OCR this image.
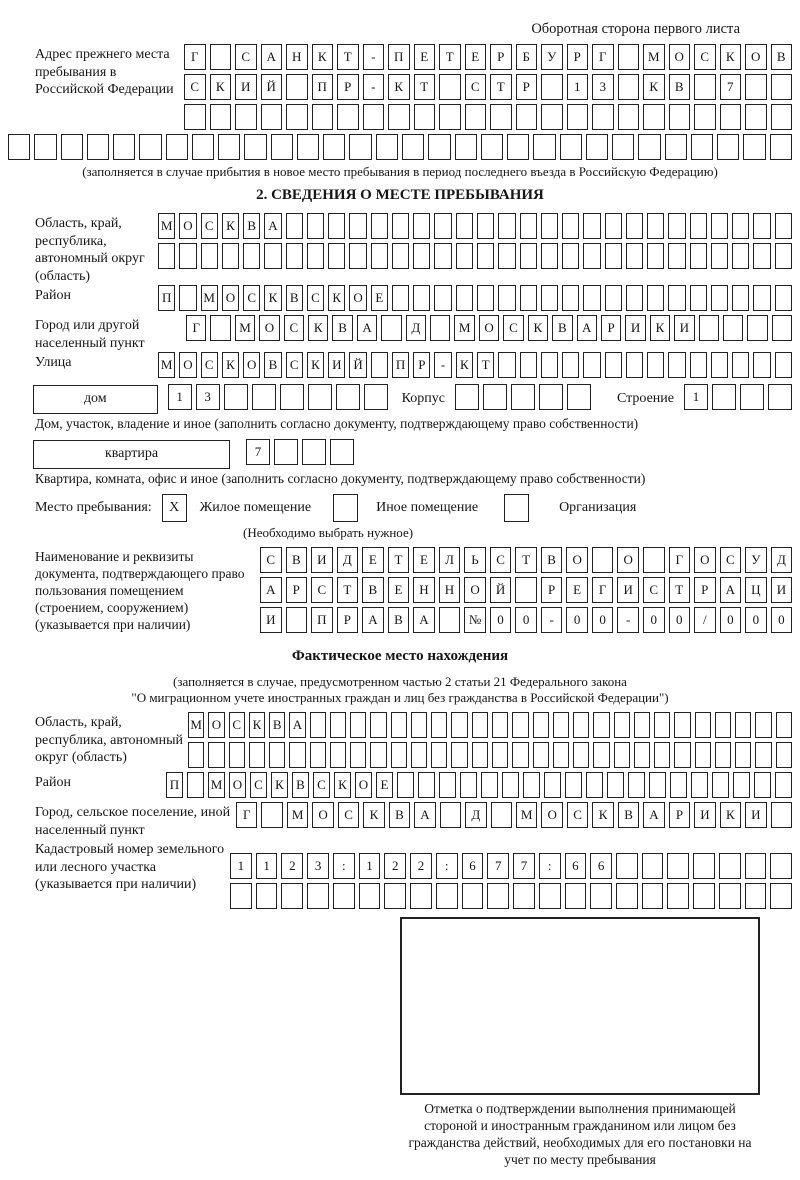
Оборотная сторона первого листа
Адрес прежнего места пребывания в Российской Федерации
Г	С	А	Н	К	Т	-	П	Е	Т	Е	Р	Б	У	Р	Г	М	О	С	К	О	В
С	К	И	Й	П	Р	-	К	Т	С	Т	Р	1	3	К	В	7
(заполняется в случае прибытия в новое место пребывания в период последнего въезда в Российскую Федерацию)
2. СВЕДЕНИЯ О МЕСТЕ ПРЕБЫВАНИЯ
Область, край, республика, автономный округ (область)
М О С К В А
Район	П	М О С К В С К О Е
Город или другой населенный пункт
Г	М	О	С	К	В	А	Д	М	О	С	К	В	А	Р	И	К	И
Улица	М О С К О В С К И Й	П Р	-	К Т
дом	1	3	Корпус	Строение	1
Дом, участок, владение и иное (заполнить согласно документу, подтверждающему право собственности)
квартира	7
Квартира, комната, офис и иное (заполнить согласно документу, подтверждающему право собственности)
Место пребывания:	X	Жилое помещение	Иное помещение	Организация
(Необходимо выбрать нужное)
Наименование и реквизиты документа, подтверждающего право пользования помещением (строением, сооружением) (указывается при наличии)
С	В	И	Д	Е	Т	Е	Л	Ь	С	Т	В	О	О	Г	О	С	У	Д
А	Р	С	Т	В	Е	Н	Н	О	Й	Р	Е	Г	И	С	Т	Р	А	Ц	И
И	П	Р	А	В	А	№	0	0	-	0	0	-	0	0	/	0	0	0
Фактическое место нахождения
(заполняется в случае, предусмотренном частью 2 статьи 21 Федерального закона
"О миграционном учете иностранных граждан и лиц без гражданства в Российской Федерации")
Область, край, республика, автономный округ (область)
М О С К В А
Район	П М О С К В С К О Е
Город, сельское поселение, иной населенный пункт
Г	М	О	С	К	В	А	Д	М	О	С	К	В	А	Р	И	К	И
Кадастровый номер земельного или лесного участка (указывается при наличии)
1	1	2	3	:	1	2	2	:	6	7	7	:	6	6
Отметка о подтверждении выполнения принимающей стороной и иностранным гражданином или лицом без гражданства действий, необходимых для его постановки на учет по месту пребывания
